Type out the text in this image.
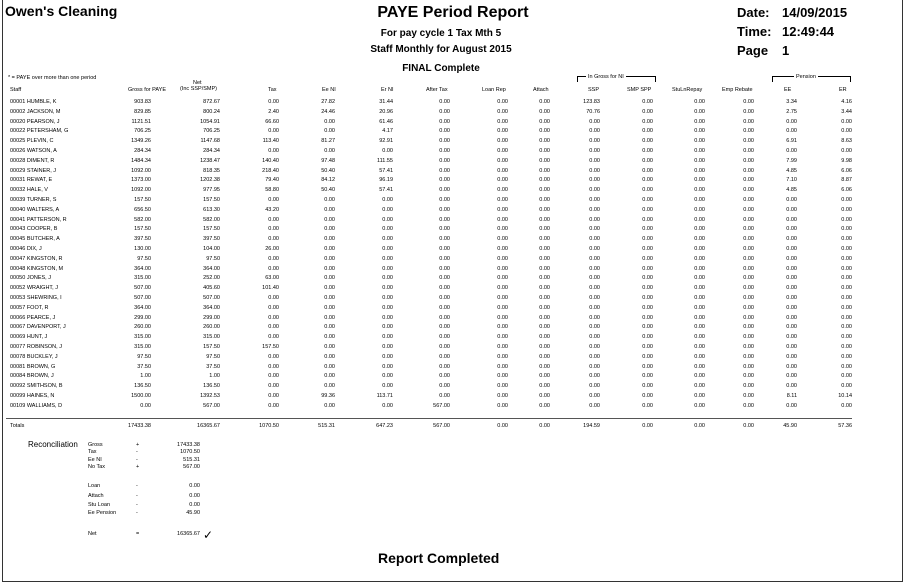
Owen's Cleaning	PAYE Period Report
For pay cycle 1 Tax Mth 5
Staff Monthly for August 2015
FINAL Complete
Date: 14/09/2015
Time: 12:49:44
Page 1
* = PAYE over more than one period	In Gross for NI	Pension
Net
(Inc SSP/SMP)
Staff	Gross for PAYE	Tax	Ee NI	Er NI	After Tax	Loan Rep	Attach	SSP	SMP SPP	StuLnRepay	Emp Rebate	EE	ER
00001 HUMBLE, K	903.83	872.67	0.00	27.82	31.44	0.00	0.00	0.00	123.83	0.00	0.00	0.00	3.34	4.16
00002 JACKSON, M	829.85	800.24	2.40	24.46	20.96	0.00	0.00	0.00	70.76	0.00	0.00	0.00	2.75	3.44
00020 PEARSON, J	1121.51	1054.91	66.60	0.00	61.46	0.00	0.00	0.00	0.00	0.00	0.00	0.00	0.00	0.00
00022 PETERSHAM, G	706.25	706.25	0.00	0.00	4.17	0.00	0.00	0.00	0.00	0.00	0.00	0.00	0.00	0.00
00025 PLEVIN, C	1349.26	1147.68	113.40	81.27	92.91	0.00	0.00	0.00	0.00	0.00	0.00	0.00	6.91	8.63
00026 WATSON, A	284.34	284.34	0.00	0.00	0.00	0.00	0.00	0.00	0.00	0.00	0.00	0.00	0.00	0.00
00028 DIMENT, R	1484.34	1238.47	140.40	97.48	111.55	0.00	0.00	0.00	0.00	0.00	0.00	0.00	7.99	9.98
00029 STAINER, J	1092.00	818.35	218.40	50.40	57.41	0.00	0.00	0.00	0.00	0.00	0.00	0.00	4.85	6.06
00031 REWAT, E	1373.00	1202.38	79.40	84.12	96.19	0.00	0.00	0.00	0.00	0.00	0.00	0.00	7.10	8.87
00032 HALE, V	1092.00	977.95	58.80	50.40	57.41	0.00	0.00	0.00	0.00	0.00	0.00	0.00	4.85	6.06
00039 TURNER, S	157.50	157.50	0.00	0.00	0.00	0.00	0.00	0.00	0.00	0.00	0.00	0.00	0.00	0.00
00040 WALTERS, A	656.50	613.30	43.20	0.00	0.00	0.00	0.00	0.00	0.00	0.00	0.00	0.00	0.00	0.00
00041 PATTERSON, R	582.00	582.00	0.00	0.00	0.00	0.00	0.00	0.00	0.00	0.00	0.00	0.00	0.00	0.00
00043 COOPER, B	157.50	157.50	0.00	0.00	0.00	0.00	0.00	0.00	0.00	0.00	0.00	0.00	0.00	0.00
00045 BUTCHER, A	397.50	397.50	0.00	0.00	0.00	0.00	0.00	0.00	0.00	0.00	0.00	0.00	0.00	0.00
00046 DIX, J	130.00	104.00	26.00	0.00	0.00	0.00	0.00	0.00	0.00	0.00	0.00	0.00	0.00	0.00
00047 KINGSTON, R	97.50	97.50	0.00	0.00	0.00	0.00	0.00	0.00	0.00	0.00	0.00	0.00	0.00	0.00
00048 KINGSTON, M	364.00	364.00	0.00	0.00	0.00	0.00	0.00	0.00	0.00	0.00	0.00	0.00	0.00	0.00
00050 JONES, J	315.00	252.00	63.00	0.00	0.00	0.00	0.00	0.00	0.00	0.00	0.00	0.00	0.00	0.00
00052 WRAIGHT, J	507.00	405.60	101.40	0.00	0.00	0.00	0.00	0.00	0.00	0.00	0.00	0.00	0.00	0.00
00053 SHEWRING, I	507.00	507.00	0.00	0.00	0.00	0.00	0.00	0.00	0.00	0.00	0.00	0.00	0.00	0.00
00057 FOOT, R	364.00	364.00	0.00	0.00	0.00	0.00	0.00	0.00	0.00	0.00	0.00	0.00	0.00	0.00
00066 PEARCE, J	299.00	299.00	0.00	0.00	0.00	0.00	0.00	0.00	0.00	0.00	0.00	0.00	0.00	0.00
00067 DAVENPORT, J	260.00	260.00	0.00	0.00	0.00	0.00	0.00	0.00	0.00	0.00	0.00	0.00	0.00	0.00
00069 HUNT, J	315.00	315.00	0.00	0.00	0.00	0.00	0.00	0.00	0.00	0.00	0.00	0.00	0.00	0.00
00077 ROBINSON, J	315.00	157.50	157.50	0.00	0.00	0.00	0.00	0.00	0.00	0.00	0.00	0.00	0.00	0.00
00078 BUCKLEY, J	97.50	97.50	0.00	0.00	0.00	0.00	0.00	0.00	0.00	0.00	0.00	0.00	0.00	0.00
00081 BROWN, G	37.50	37.50	0.00	0.00	0.00	0.00	0.00	0.00	0.00	0.00	0.00	0.00	0.00	0.00
00084 BROWN, J	1.00	1.00	0.00	0.00	0.00	0.00	0.00	0.00	0.00	0.00	0.00	0.00	0.00	0.00
00092 SMITHSON, B	136.50	136.50	0.00	0.00	0.00	0.00	0.00	0.00	0.00	0.00	0.00	0.00	0.00	0.00
00099 HAINES, N	1500.00	1392.53	0.00	99.36	113.71	0.00	0.00	0.00	0.00	0.00	0.00	0.00	8.11	10.14
00109 WALLIAMS, D	0.00	567.00	0.00	0.00	0.00	567.00	0.00	0.00	0.00	0.00	0.00	0.00	0.00	0.00
Totals	17433.38	16365.67	1070.50	515.31	647.23	567.00	0.00	0.00	194.59	0.00	0.00	0.00	45.90	57.36
Reconciliation Gross	+	17433.38
Tax	-	1070.50
Ee NI	-	515.31
No Tax	+	567.00
Loan	-	0.00
Attach	-	0.00
Stu Loan	-	0.00
Ee Pension	-	45.90
Net	=	16365.67 ✓
Report Completed
